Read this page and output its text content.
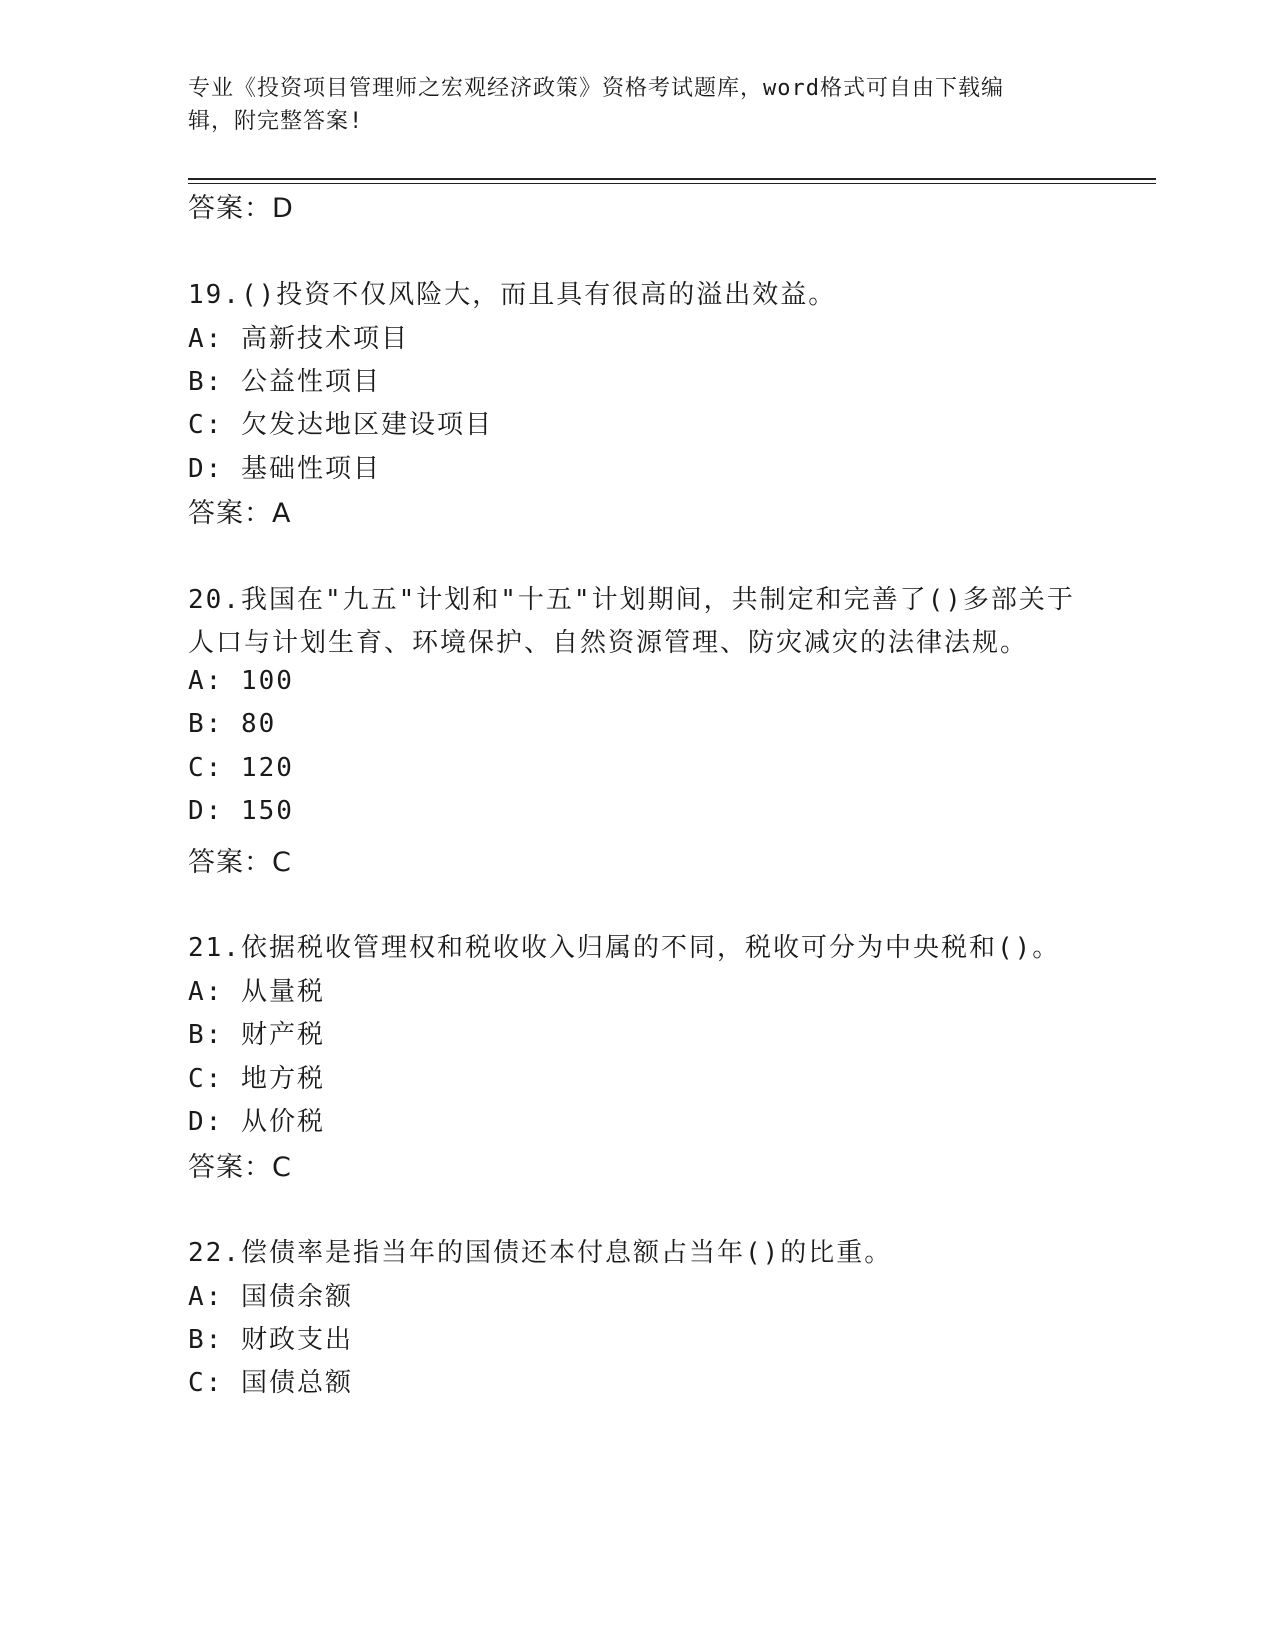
专业《投资项目管理师之宏观经济政策》资格考试题库，word格式可自由下载编
辑，附完整答案!
答案：D
19.()投资不仅风险大，而且具有很高的溢出效益。
A: 高新技术项目
B: 公益性项目
C: 欠发达地区建设项目
D: 基础性项目
答案：A
20.我国在"九五"计划和"十五"计划期间，共制定和完善了()多部关于
人口与计划生育、环境保护、自然资源管理、防灾减灾的法律法规。
A: 100
B: 80
C: 120
D: 150
答案：C
21.依据税收管理权和税收收入归属的不同，税收可分为中央税和()。
A: 从量税
B: 财产税
C: 地方税
D: 从价税
答案：C
22.偿债率是指当年的国债还本付息额占当年()的比重。
A: 国债余额
B: 财政支出
C: 国债总额
